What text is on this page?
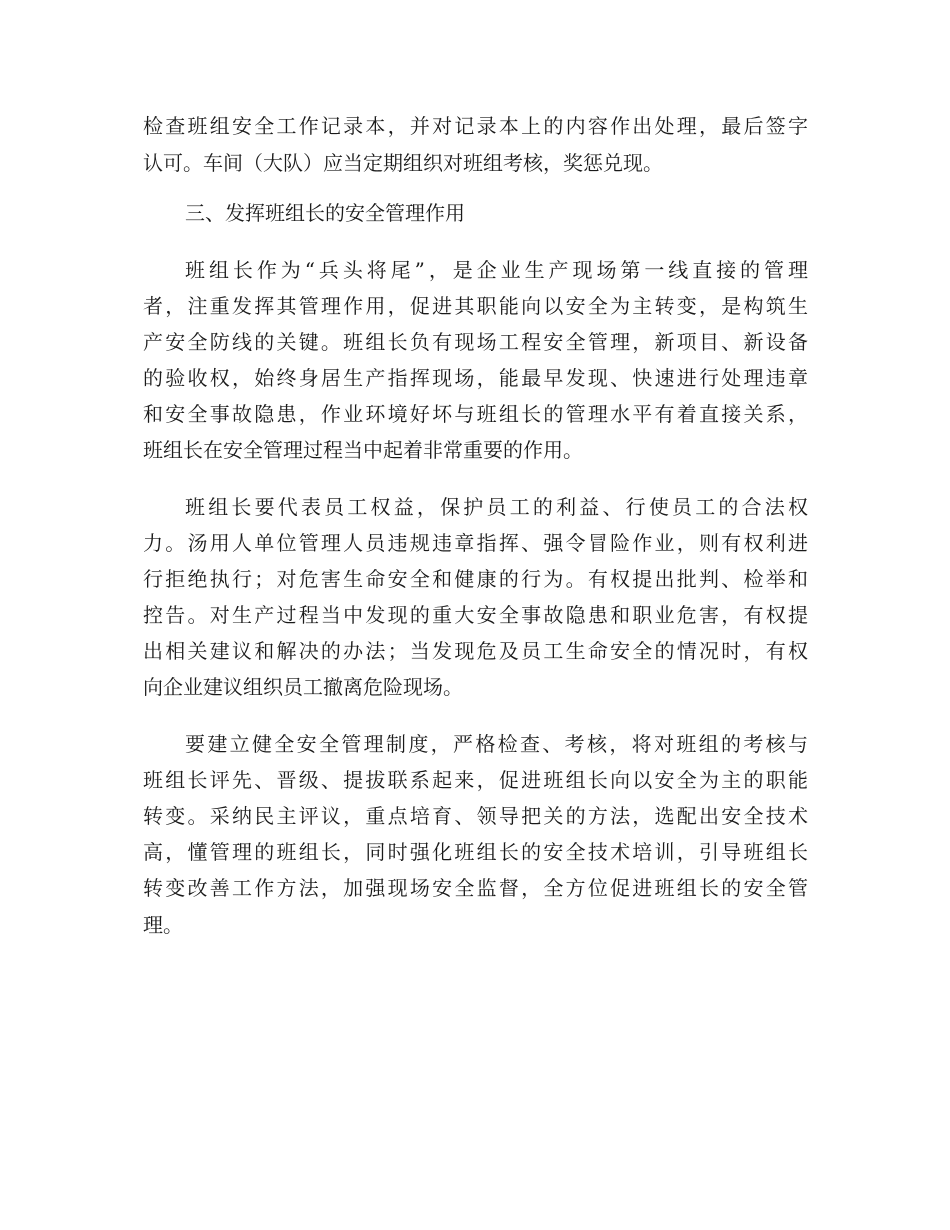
检查班组安全工作记录本，并对记录本上的内容作出处理，最后签字
认可。车间（大队）应当定期组织对班组考核，奖惩兑现。
三、发挥班组长的安全管理作用
班组长作为“兵头将尾”，是企业生产现场第一线直接的管理
者，注重发挥其管理作用，促进其职能向以安全为主转变，是构筑生
产安全防线的关键。班组长负有现场工程安全管理，新项目、新设备
的验收权，始终身居生产指挥现场，能最早发现、快速进行处理违章
和安全事故隐患，作业环境好坏与班组长的管理水平有着直接关系，
班组长在安全管理过程当中起着非常重要的作用。
班组长要代表员工权益，保护员工的利益、行使员工的合法权
力。汤用人单位管理人员违规违章指挥、强令冒险作业，则有权利进
行拒绝执行；对危害生命安全和健康的行为。有权提出批判、检举和
控告。对生产过程当中发现的重大安全事故隐患和职业危害，有权提
出相关建议和解决的办法；当发现危及员工生命安全的情况时，有权
向企业建议组织员工撤离危险现场。
要建立健全安全管理制度，严格检查、考核，将对班组的考核与
班组长评先、晋级、提拔联系起来，促进班组长向以安全为主的职能
转变。采纳民主评议，重点培育、领导把关的方法，选配出安全技术
高，懂管理的班组长，同时强化班组长的安全技术培训，引导班组长
转变改善工作方法，加强现场安全监督，全方位促进班组长的安全管
理。
